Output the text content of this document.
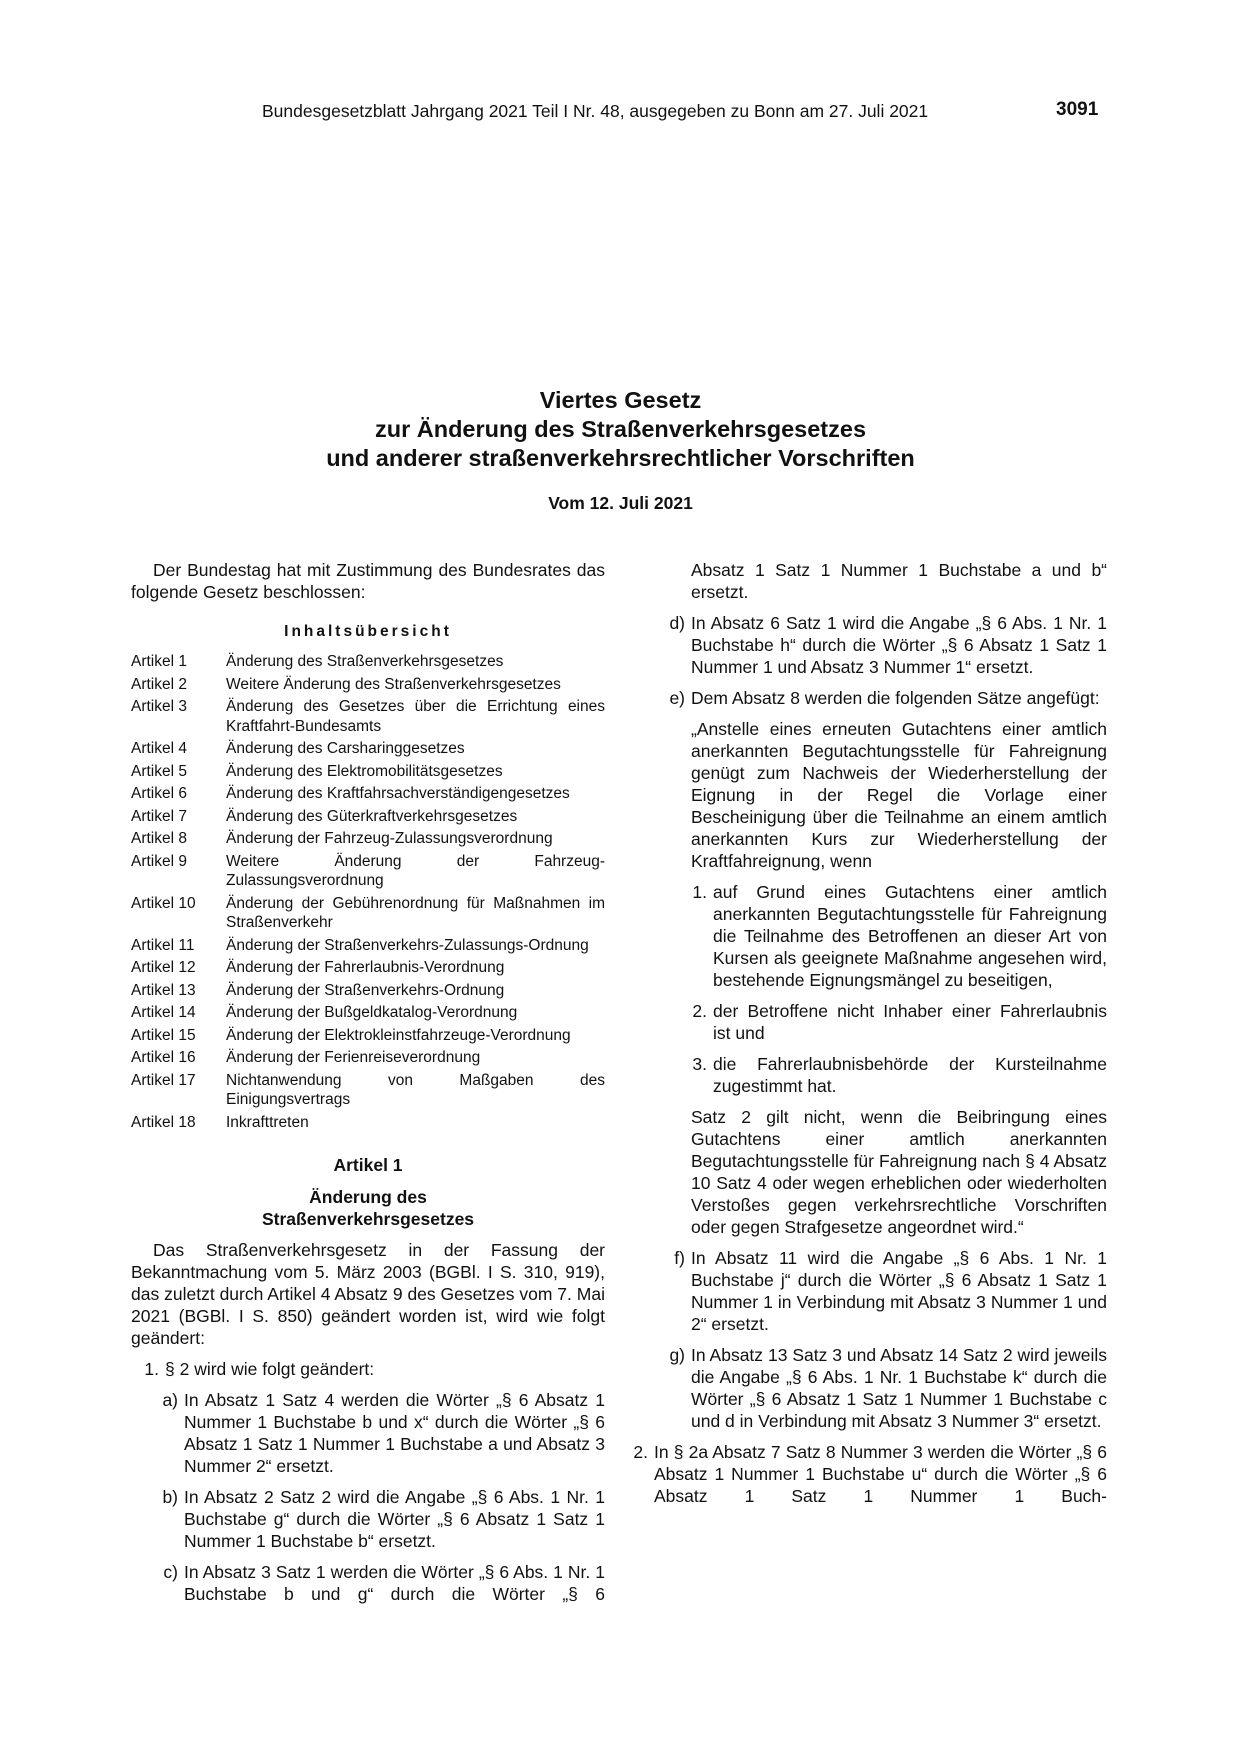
Bundesgesetzblatt Jahrgang 2021 Teil I Nr. 48, ausgegeben zu Bonn am 27. Juli 2021	3091
Viertes Gesetz
zur Änderung des Straßenverkehrsgesetzes
und anderer straßenverkehrsrechtlicher Vorschriften
Vom 12. Juli 2021
Der Bundestag hat mit Zustimmung des Bundesrates das folgende Gesetz beschlossen:
Inhaltsübersicht
Artikel 1	Änderung des Straßenverkehrsgesetzes
Artikel 2	Weitere Änderung des Straßenverkehrsgesetzes
Artikel 3	Änderung des Gesetzes über die Errichtung eines Kraftfahrt-Bundesamts
Artikel 4	Änderung des Carsharinggesetzes
Artikel 5	Änderung des Elektromobilitätsgesetzes
Artikel 6	Änderung des Kraftfahrsachverständigengesetzes
Artikel 7	Änderung des Güterkraftverkehrsgesetzes
Artikel 8	Änderung der Fahrzeug-Zulassungsverordnung
Artikel 9	Weitere Änderung der Fahrzeug-Zulassungsverordnung
Artikel 10	Änderung der Gebührenordnung für Maßnahmen im Straßenverkehr
Artikel 11	Änderung der Straßenverkehrs-Zulassungs-Ordnung
Artikel 12	Änderung der Fahrerlaubnis-Verordnung
Artikel 13	Änderung der Straßenverkehrs-Ordnung
Artikel 14	Änderung der Bußgeldkatalog-Verordnung
Artikel 15	Änderung der Elektrokleinstfahrzeuge-Verordnung
Artikel 16	Änderung der Ferienreiseverordnung
Artikel 17	Nichtanwendung von Maßgaben des Einigungsvertrags
Artikel 18	Inkrafttreten
Artikel 1
Änderung des
Straßenverkehrsgesetzes
Das Straßenverkehrsgesetz in der Fassung der Bekanntmachung vom 5. März 2003 (BGBl. I S. 310, 919), das zuletzt durch Artikel 4 Absatz 9 des Gesetzes vom 7. Mai 2021 (BGBl. I S. 850) geändert worden ist, wird wie folgt geändert:
1. § 2 wird wie folgt geändert:
a) In Absatz 1 Satz 4 werden die Wörter „§ 6 Absatz 1 Nummer 1 Buchstabe b und x“ durch die Wörter „§ 6 Absatz 1 Satz 1 Nummer 1 Buchstabe a und Absatz 3 Nummer 2“ ersetzt.
b) In Absatz 2 Satz 2 wird die Angabe „§ 6 Abs. 1 Nr. 1 Buchstabe g“ durch die Wörter „§ 6 Absatz 1 Satz 1 Nummer 1 Buchstabe b“ ersetzt.
c) In Absatz 3 Satz 1 werden die Wörter „§ 6 Abs. 1 Nr. 1 Buchstabe b und g“ durch die Wörter „§ 6
Absatz 1 Satz 1 Nummer 1 Buchstabe a und b“ ersetzt.
d) In Absatz 6 Satz 1 wird die Angabe „§ 6 Abs. 1 Nr. 1 Buchstabe h“ durch die Wörter „§ 6 Absatz 1 Satz 1 Nummer 1 und Absatz 3 Nummer 1“ ersetzt.
e) Dem Absatz 8 werden die folgenden Sätze angefügt:
„Anstelle eines erneuten Gutachtens einer amtlich anerkannten Begutachtungsstelle für Fahreignung genügt zum Nachweis der Wiederherstellung der Eignung in der Regel die Vorlage einer Bescheinigung über die Teilnahme an einem amtlich anerkannten Kurs zur Wiederherstellung der Kraftfahreignung, wenn
1. auf Grund eines Gutachtens einer amtlich anerkannten Begutachtungsstelle für Fahreignung die Teilnahme des Betroffenen an dieser Art von Kursen als geeignete Maßnahme angesehen wird, bestehende Eignungsmängel zu beseitigen,
2. der Betroffene nicht Inhaber einer Fahrerlaubnis ist und
3. die Fahrerlaubnisbehörde der Kursteilnahme zugestimmt hat.
Satz 2 gilt nicht, wenn die Beibringung eines Gutachtens einer amtlich anerkannten Begutachtungsstelle für Fahreignung nach § 4 Absatz 10 Satz 4 oder wegen erheblichen oder wiederholten Verstoßes gegen verkehrsrechtliche Vorschriften oder gegen Strafgesetze angeordnet wird.“
f) In Absatz 11 wird die Angabe „§ 6 Abs. 1 Nr. 1 Buchstabe j“ durch die Wörter „§ 6 Absatz 1 Satz 1 Nummer 1 in Verbindung mit Absatz 3 Nummer 1 und 2“ ersetzt.
g) In Absatz 13 Satz 3 und Absatz 14 Satz 2 wird jeweils die Angabe „§ 6 Abs. 1 Nr. 1 Buchstabe k“ durch die Wörter „§ 6 Absatz 1 Satz 1 Nummer 1 Buchstabe c und d in Verbindung mit Absatz 3 Nummer 3“ ersetzt.
2. In § 2a Absatz 7 Satz 8 Nummer 3 werden die Wörter „§ 6 Absatz 1 Nummer 1 Buchstabe u“ durch die Wörter „§ 6 Absatz 1 Satz 1 Nummer 1 Buch-
